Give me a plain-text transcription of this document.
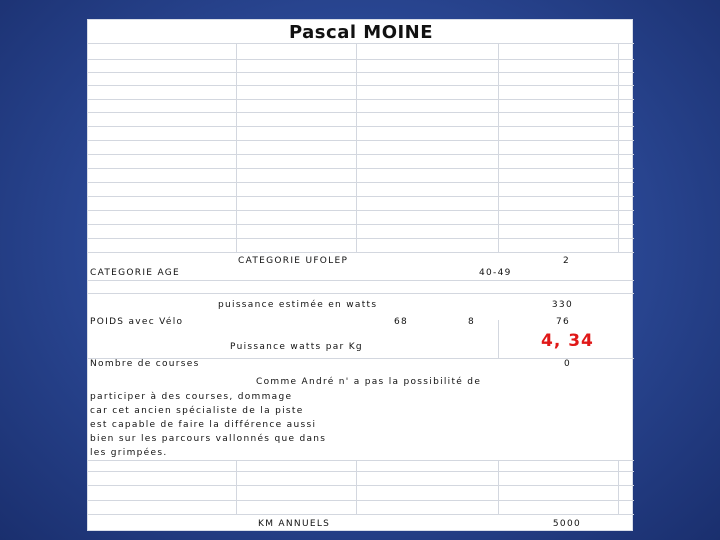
Pascal MOINE
CATEGORIE UFOLEP	2
CATEGORIE AGE	40-49
puissance estimée en watts	330
POIDS avec Vélo	68	8	76
Puissance watts par Kg	4, 34
Nombre de courses	0
Comme André n' a pas la possibilité de
participer à des courses, dommage
car cet ancien spécialiste de la piste
est capable de faire la différence aussi
bien sur les parcours vallonnés que dans
les grimpées.
KM ANNUELS	5000
